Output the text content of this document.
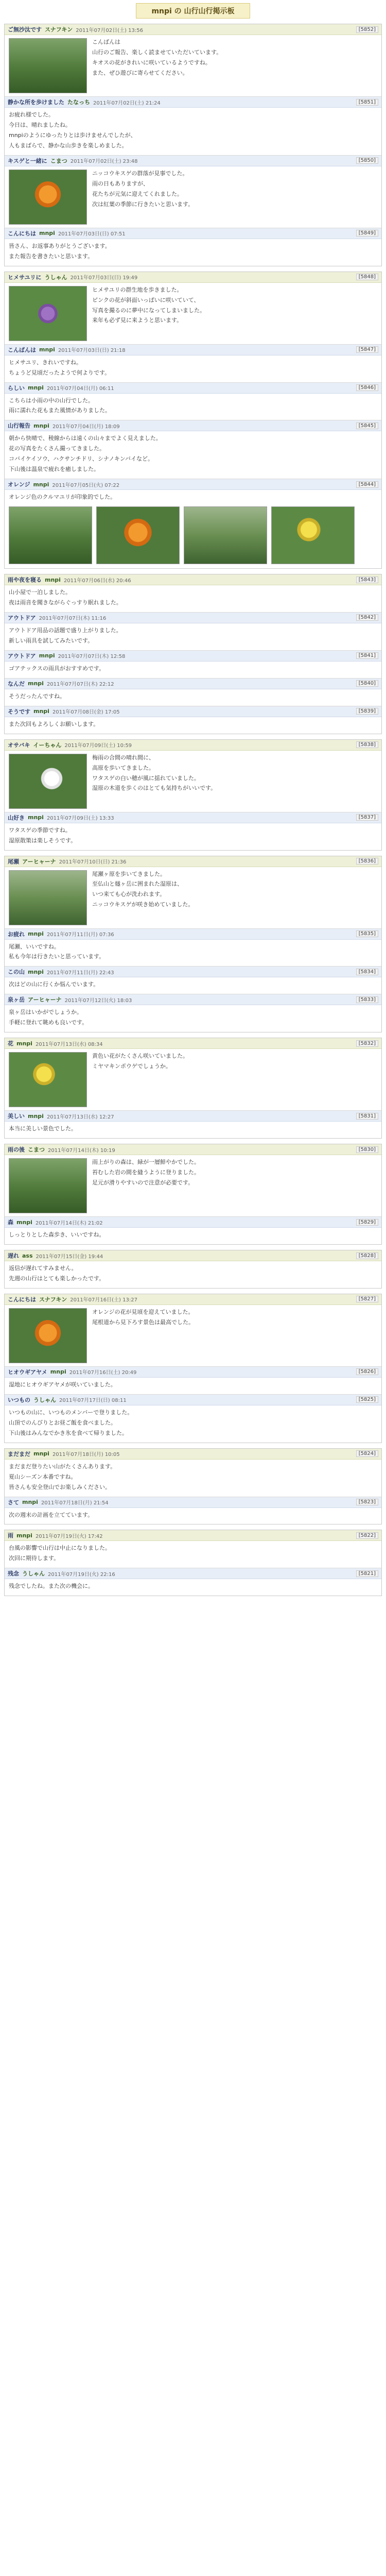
mnpi の 山行山行掲示板
ご無沙汰です スナフキン 2011年07月02日(土) 13:56	[5852]

こんばんは

山行のご報告、楽しく読ませていただいています。

キオスの花がきれいに咲いているようですね。

また、ぜひ遊びに寄らせてください。

静かな所を歩けました たなっち 2011年07月02日(土) 21:24	[5851]

お疲れ様でした。

今日は、晴れましたね。

mnpiのようにゆったりとは歩けませんでしたが、

人もまばらで、静かな山歩きを楽しめました。

キスゲと一緒に こまつ 2011年07月02日(土) 23:48	[5850]

ニッコウキスゲの群落が見事でした。

雨の日もありますが、

花たちが元気に迎えてくれました。

次は紅葉の季節に行きたいと思います。

こんにちは mnpi 2011年07月03日(日) 07:51	[5849]

皆さん、お返事ありがとうございます。

また報告を書きたいと思います。

ヒメサユリに うしゃん 2011年07月03日(日) 19:49	[5848]

ヒメサユリの群生地を歩きました。

ピンクの花が斜面いっぱいに咲いていて、

写真を撮るのに夢中になってしまいました。

来年も必ず見に来ようと思います。

こんばんは mnpi 2011年07月03日(日) 21:18	[5847]

ヒメサユリ、きれいですね。

ちょうど見頃だったようで何よりです。

らしい mnpi 2011年07月04日(月) 06:11	[5846]

こちらは小雨の中の山行でした。

雨に濡れた花もまた風情がありました。

山行報告 mnpi 2011年07月04日(月) 18:09	[5845]

朝から快晴で、稜線からは遠くの山々までよく見えました。

花の写真をたくさん撮ってきました。

コバイケイソウ、ハクサンチドリ、シナノキンバイなど。

下山後は温泉で疲れを癒しました。

オレンジ mnpi 2011年07月05日(火) 07:22	[5844]

オレンジ色のクルマユリが印象的でした。

雨や夜を寝る mnpi 2011年07月06日(水) 20:46	[5843]

山小屋で一泊しました。

夜は雨音を聞きながらぐっすり眠れました。

アウトドア 2011年07月07日(木) 11:16	[5842]

アウトドア用品の話題で盛り上がりました。

新しい雨具を試してみたいです。

アウトドア mnpi 2011年07月07日(木) 12:58	[5841]

ゴアテックスの雨具がおすすめです。

なんだ mnpi 2011年07月07日(木) 22:12	[5840]

そうだったんですね。

そうです mnpi 2011年07月08日(金) 17:05	[5839]

また次回もよろしくお願いします。

オサバキ イーちゃん 2011年07月09日(土) 10:59	[5838]

梅雨の合間の晴れ間に、

高原を歩いてきました。

ワタスゲの白い穂が風に揺れていました。

湿原の木道を歩くのはとても気持ちがいいです。

山好き mnpi 2011年07月09日(土) 13:33	[5837]

ワタスゲの季節ですね。

湿原散策は楽しそうです。

尾瀬 アーヒャーナ 2011年07月10日(日) 21:36	[5836]

尾瀬ヶ原を歩いてきました。

至仏山と燧ヶ岳に囲まれた湿原は、

いつ来ても心が洗われます。

ニッコウキスゲが咲き始めていました。

お疲れ mnpi 2011年07月11日(月) 07:36	[5835]

尾瀬、いいですね。

私も今年は行きたいと思っています。

この山 mnpi 2011年07月11日(月) 22:43	[5834]

次はどの山に行くか悩んでいます。

泉ヶ岳 アーヒャーナ 2011年07月12日(火) 18:03	[5833]

泉ヶ岳はいかがでしょうか。

手軽に登れて眺めも良いです。

花 mnpi 2011年07月13日(水) 08:34	[5832]

黄色い花がたくさん咲いていました。

ミヤマキンポウゲでしょうか。

美しい mnpi 2011年07月13日(水) 12:27	[5831]

本当に美しい景色でした。

雨の後 こまつ 2011年07月14日(木) 10:19	[5830]

雨上がりの森は、緑が一層鮮やかでした。

苔むした岩の間を縫うように登りました。

足元が滑りやすいので注意が必要です。

森 mnpi 2011年07月14日(木) 21:02	[5829]

しっとりとした森歩き、いいですね。

遅れ ass 2011年07月15日(金) 19:44	[5828]

返信が遅れてすみません。

先週の山行はとても楽しかったです。

こんにちは スナフキン 2011年07月16日(土) 13:27	[5827]

オレンジの花が見頃を迎えていました。

尾根道から見下ろす景色は最高でした。

ヒオウギアヤメ mnpi 2011年07月16日(土) 20:49	[5826]

湿地にヒオウギアヤメが咲いていました。

いつもの うしゃん 2011年07月17日(日) 08:11	[5825]

いつもの山に、いつものメンバーで登りました。

山頂でのんびりとお昼ご飯を食べました。

下山後はみんなでかき氷を食べて帰りました。

まだまだ mnpi 2011年07月18日(月) 10:05	[5824]

まだまだ登りたい山がたくさんあります。

夏山シーズン本番ですね。

皆さんも安全登山でお楽しみください。

さて mnpi 2011年07月18日(月) 21:54	[5823]

次の週末の計画を立てています。

雨 mnpi 2011年07月19日(火) 17:42	[5822]

台風の影響で山行は中止になりました。

次回に期待します。

残念 うしゃん 2011年07月19日(火) 22:16	[5821]

残念でしたね。また次の機会に。
